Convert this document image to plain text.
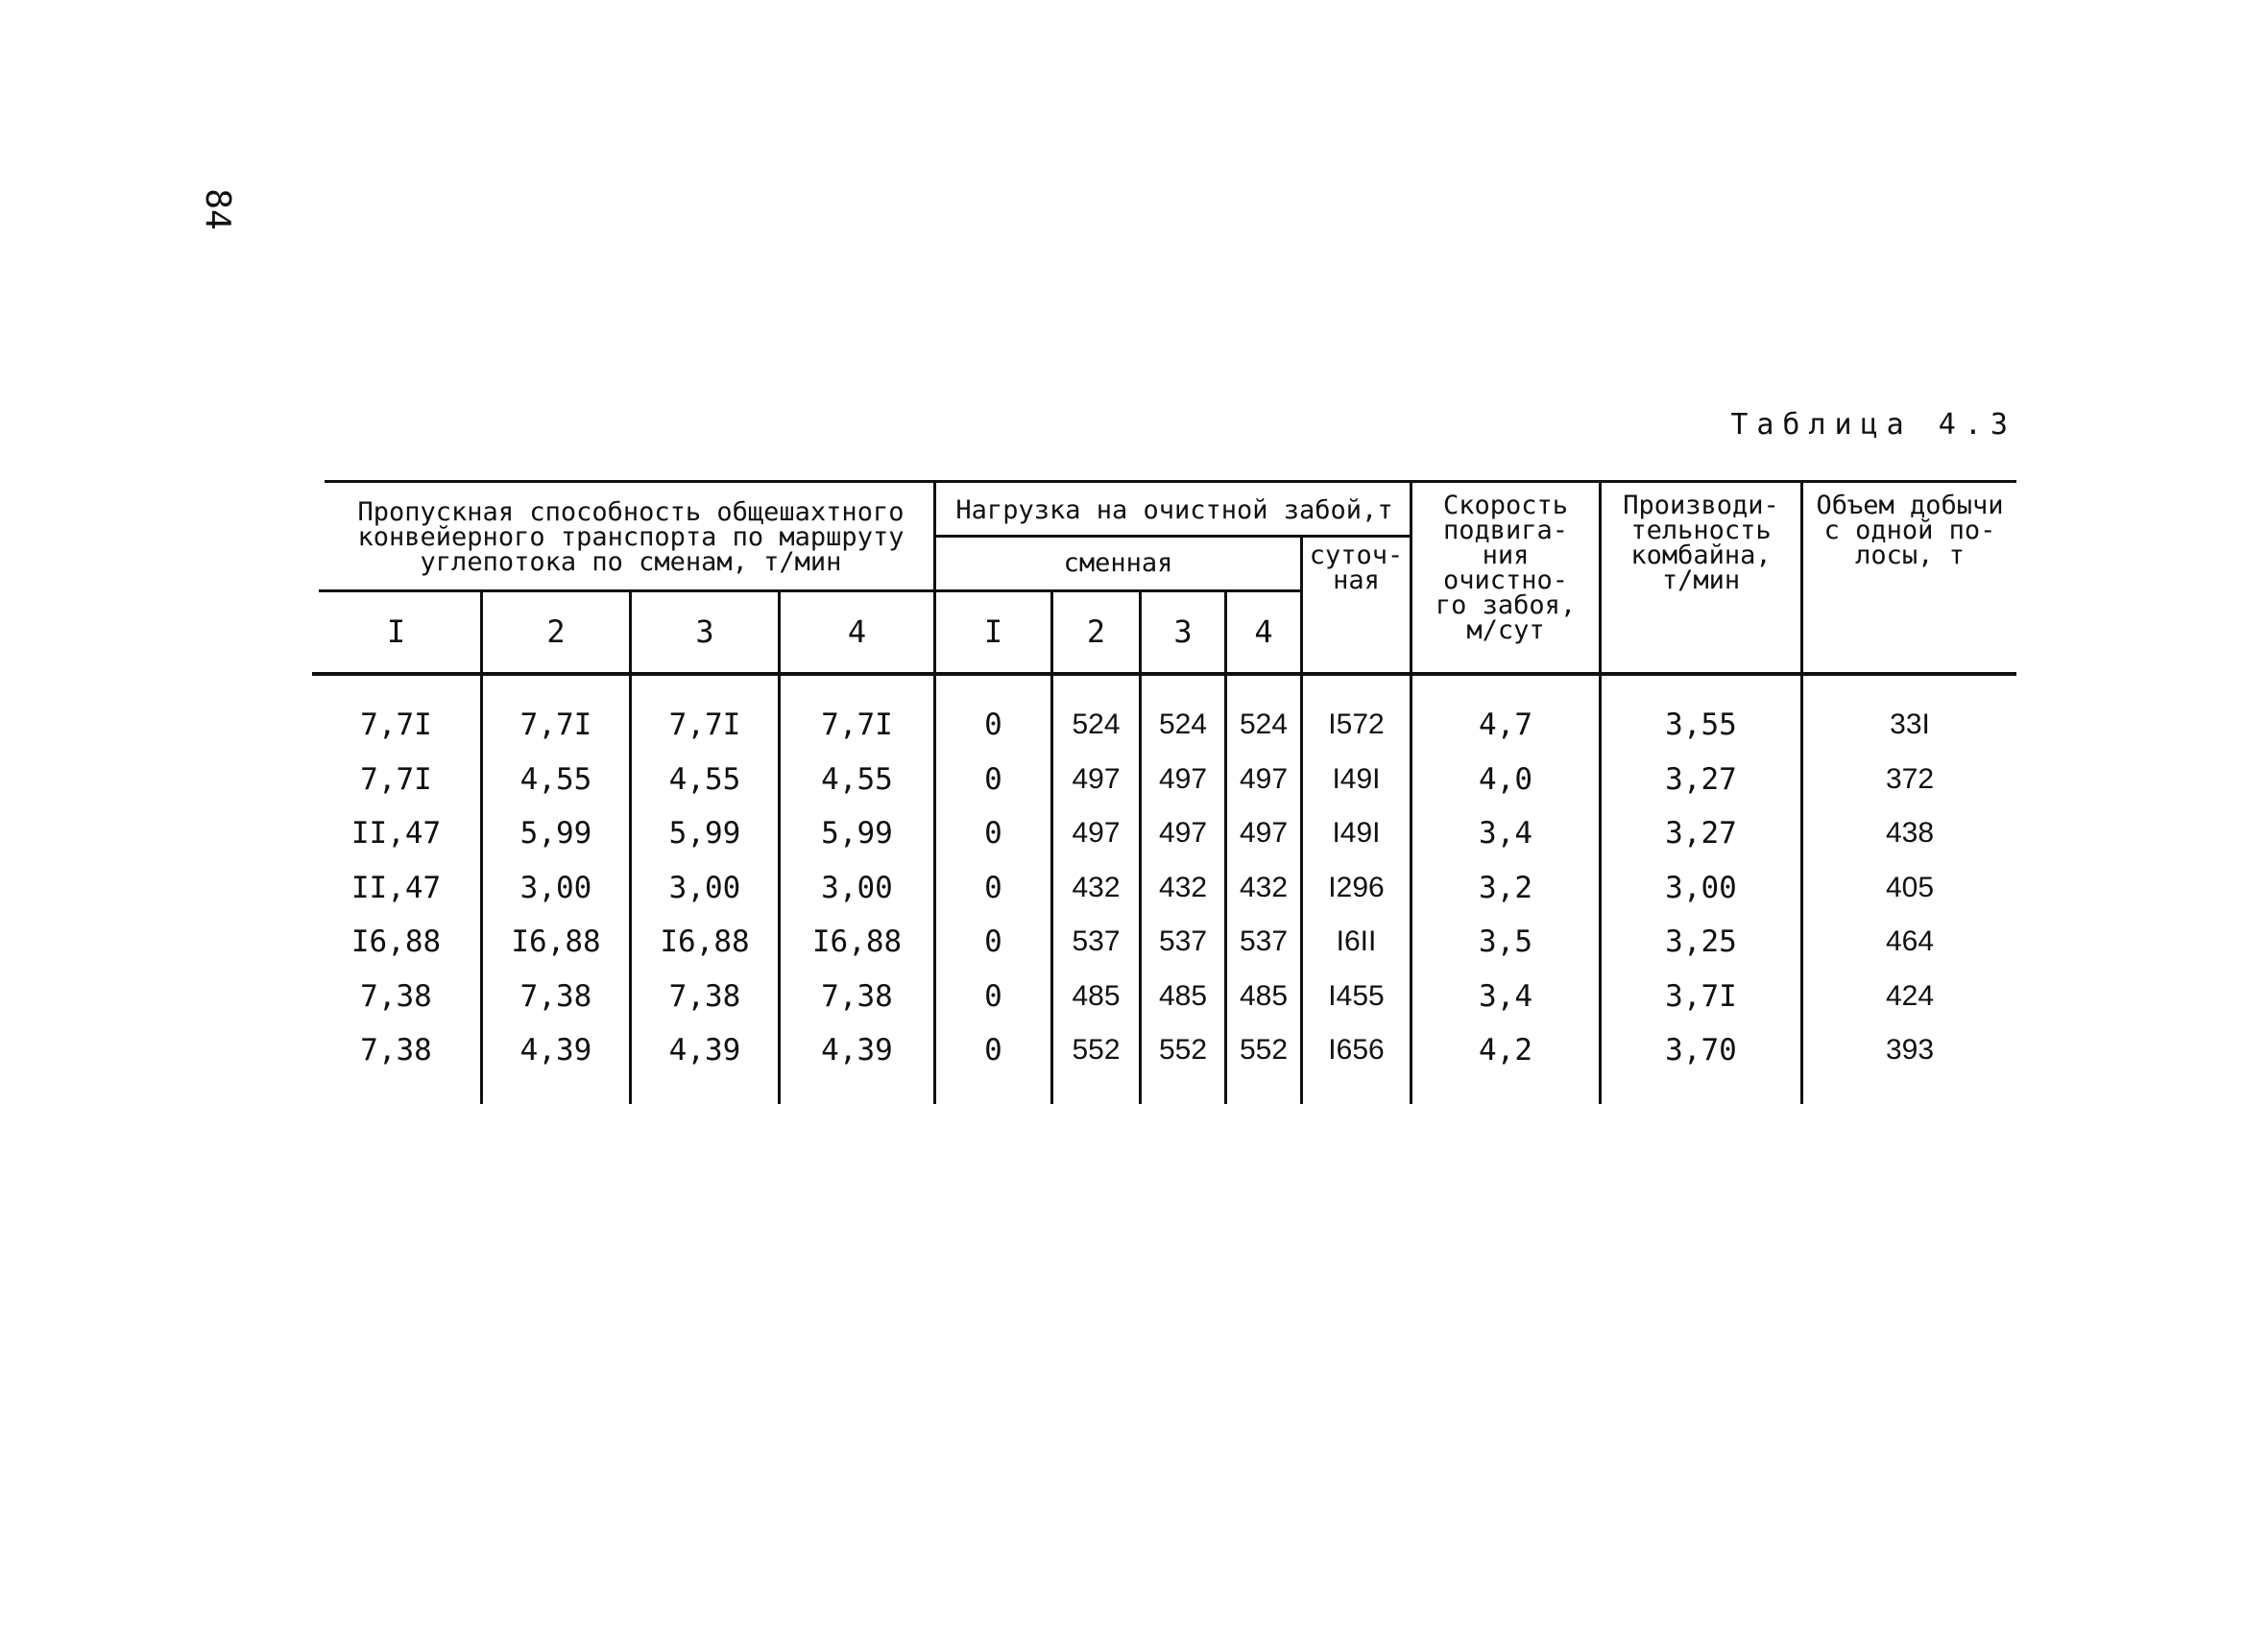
84
Таблица 4.3
Пропускная способность общешахтного конвейерного транспорта по маршруту углепотока по сменам, т/мин
Нагрузка на очистной забой,т
сменная	суточ-
ная
Скорость
подвига-
ния
очистно-
го забоя,
м/сут
Производи-
тельность
комбайна,
т/мин
Объем добычи
с одной по-
лосы, т
I	2	3	4	I	2	3	4
7,7I	7,7I	7,7I	7,7I	0	524	524	524	I572	4,7	3,55	33I
7,7I	4,55	4,55	4,55	0	497	497	497	I49I	4,0	3,27	372
II,47	5,99	5,99	5,99	0	497	497	497	I49I	3,4	3,27	438
II,47	3,00	3,00	3,00	0	432	432	432	I296	3,2	3,00	405
I6,88	I6,88	I6,88	I6,88	0	537	537	537	I6II	3,5	3,25	464
7,38	7,38	7,38	7,38	0	485	485	485	I455	3,4	3,7I	424
7,38	4,39	4,39	4,39	0	552	552	552	I656	4,2	3,70	393
